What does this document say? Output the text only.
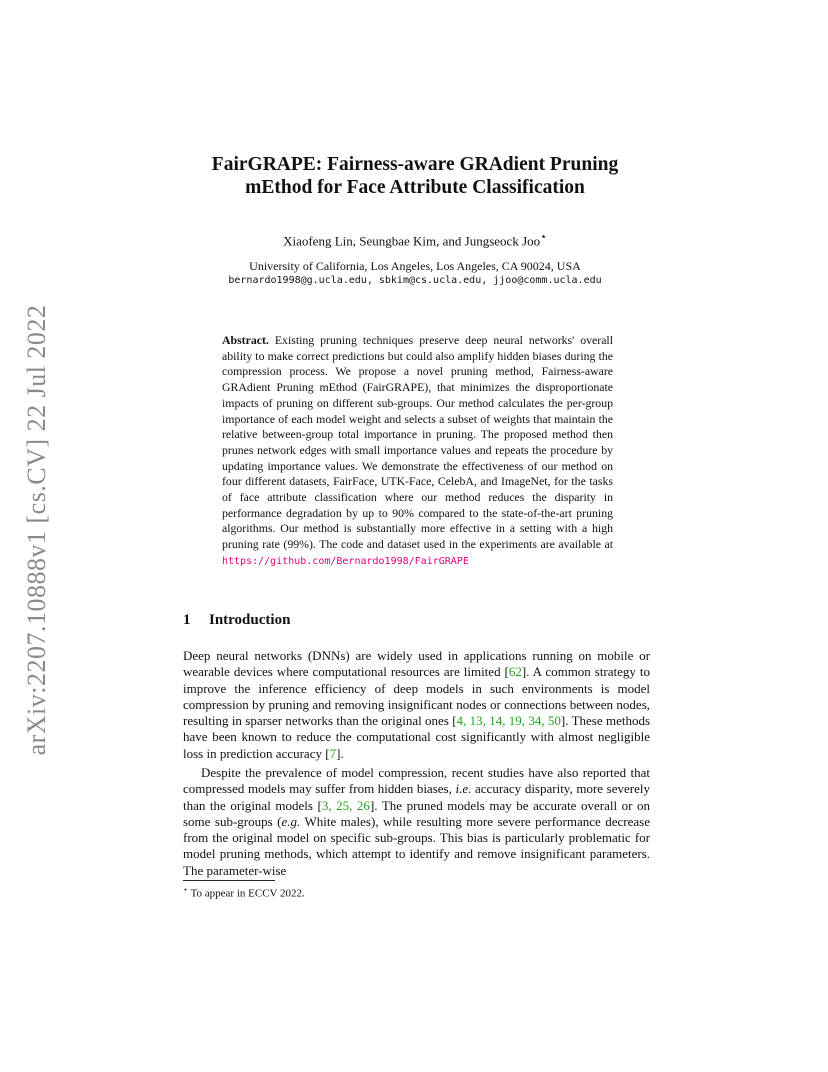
arXiv:2207.10888v1 [cs.CV] 22 Jul 2022
FairGRAPE: Fairness-aware GRAdient Pruning
mEthod for Face Attribute Classification
Xiaofeng Lin, Seungbae Kim, and Jungseock Joo⋆
University of California, Los Angeles, Los Angeles, CA 90024, USA
bernardo1998@g.ucla.edu, sbkim@cs.ucla.edu, jjoo@comm.ucla.edu
Abstract. Existing pruning techniques preserve deep neural networks' overall ability to make correct predictions but could also amplify hidden biases during the compression process. We propose a novel pruning method, Fairness-aware GRAdient Pruning mEthod (FairGRAPE), that minimizes the disproportionate impacts of pruning on different sub-groups. Our method calculates the per-group importance of each model weight and selects a subset of weights that maintain the relative between-group total importance in pruning. The proposed method then prunes network edges with small importance values and repeats the procedure by updating importance values. We demonstrate the effectiveness of our method on four different datasets, FairFace, UTK-Face, CelebA, and ImageNet, for the tasks of face attribute classification where our method reduces the disparity in performance degradation by up to 90% compared to the state-of-the-art pruning algorithms. Our method is substantially more effective in a setting with a high pruning rate (99%). The code and dataset used in the experiments are available at https://github.com/Bernardo1998/FairGRAPE
1 Introduction
Deep neural networks (DNNs) are widely used in applications running on mobile or wearable devices where computational resources are limited [62]. A common strategy to improve the inference efficiency of deep models in such environments is model compression by pruning and removing insignificant nodes or connections between nodes, resulting in sparser networks than the original ones [4, 13, 14, 19, 34, 50]. These methods have been known to reduce the computational cost significantly with almost negligible loss in prediction accuracy [7].
Despite the prevalence of model compression, recent studies have also reported that compressed models may suffer from hidden biases, i.e. accuracy disparity, more severely than the original models [3, 25, 26]. The pruned models may be accurate overall or on some sub-groups (e.g. White males), while resulting more severe performance decrease from the original model on specific sub-groups. This bias is particularly problematic for model pruning methods, which attempt to identify and remove insignificant parameters. The parameter-wise
⋆ To appear in ECCV 2022.
